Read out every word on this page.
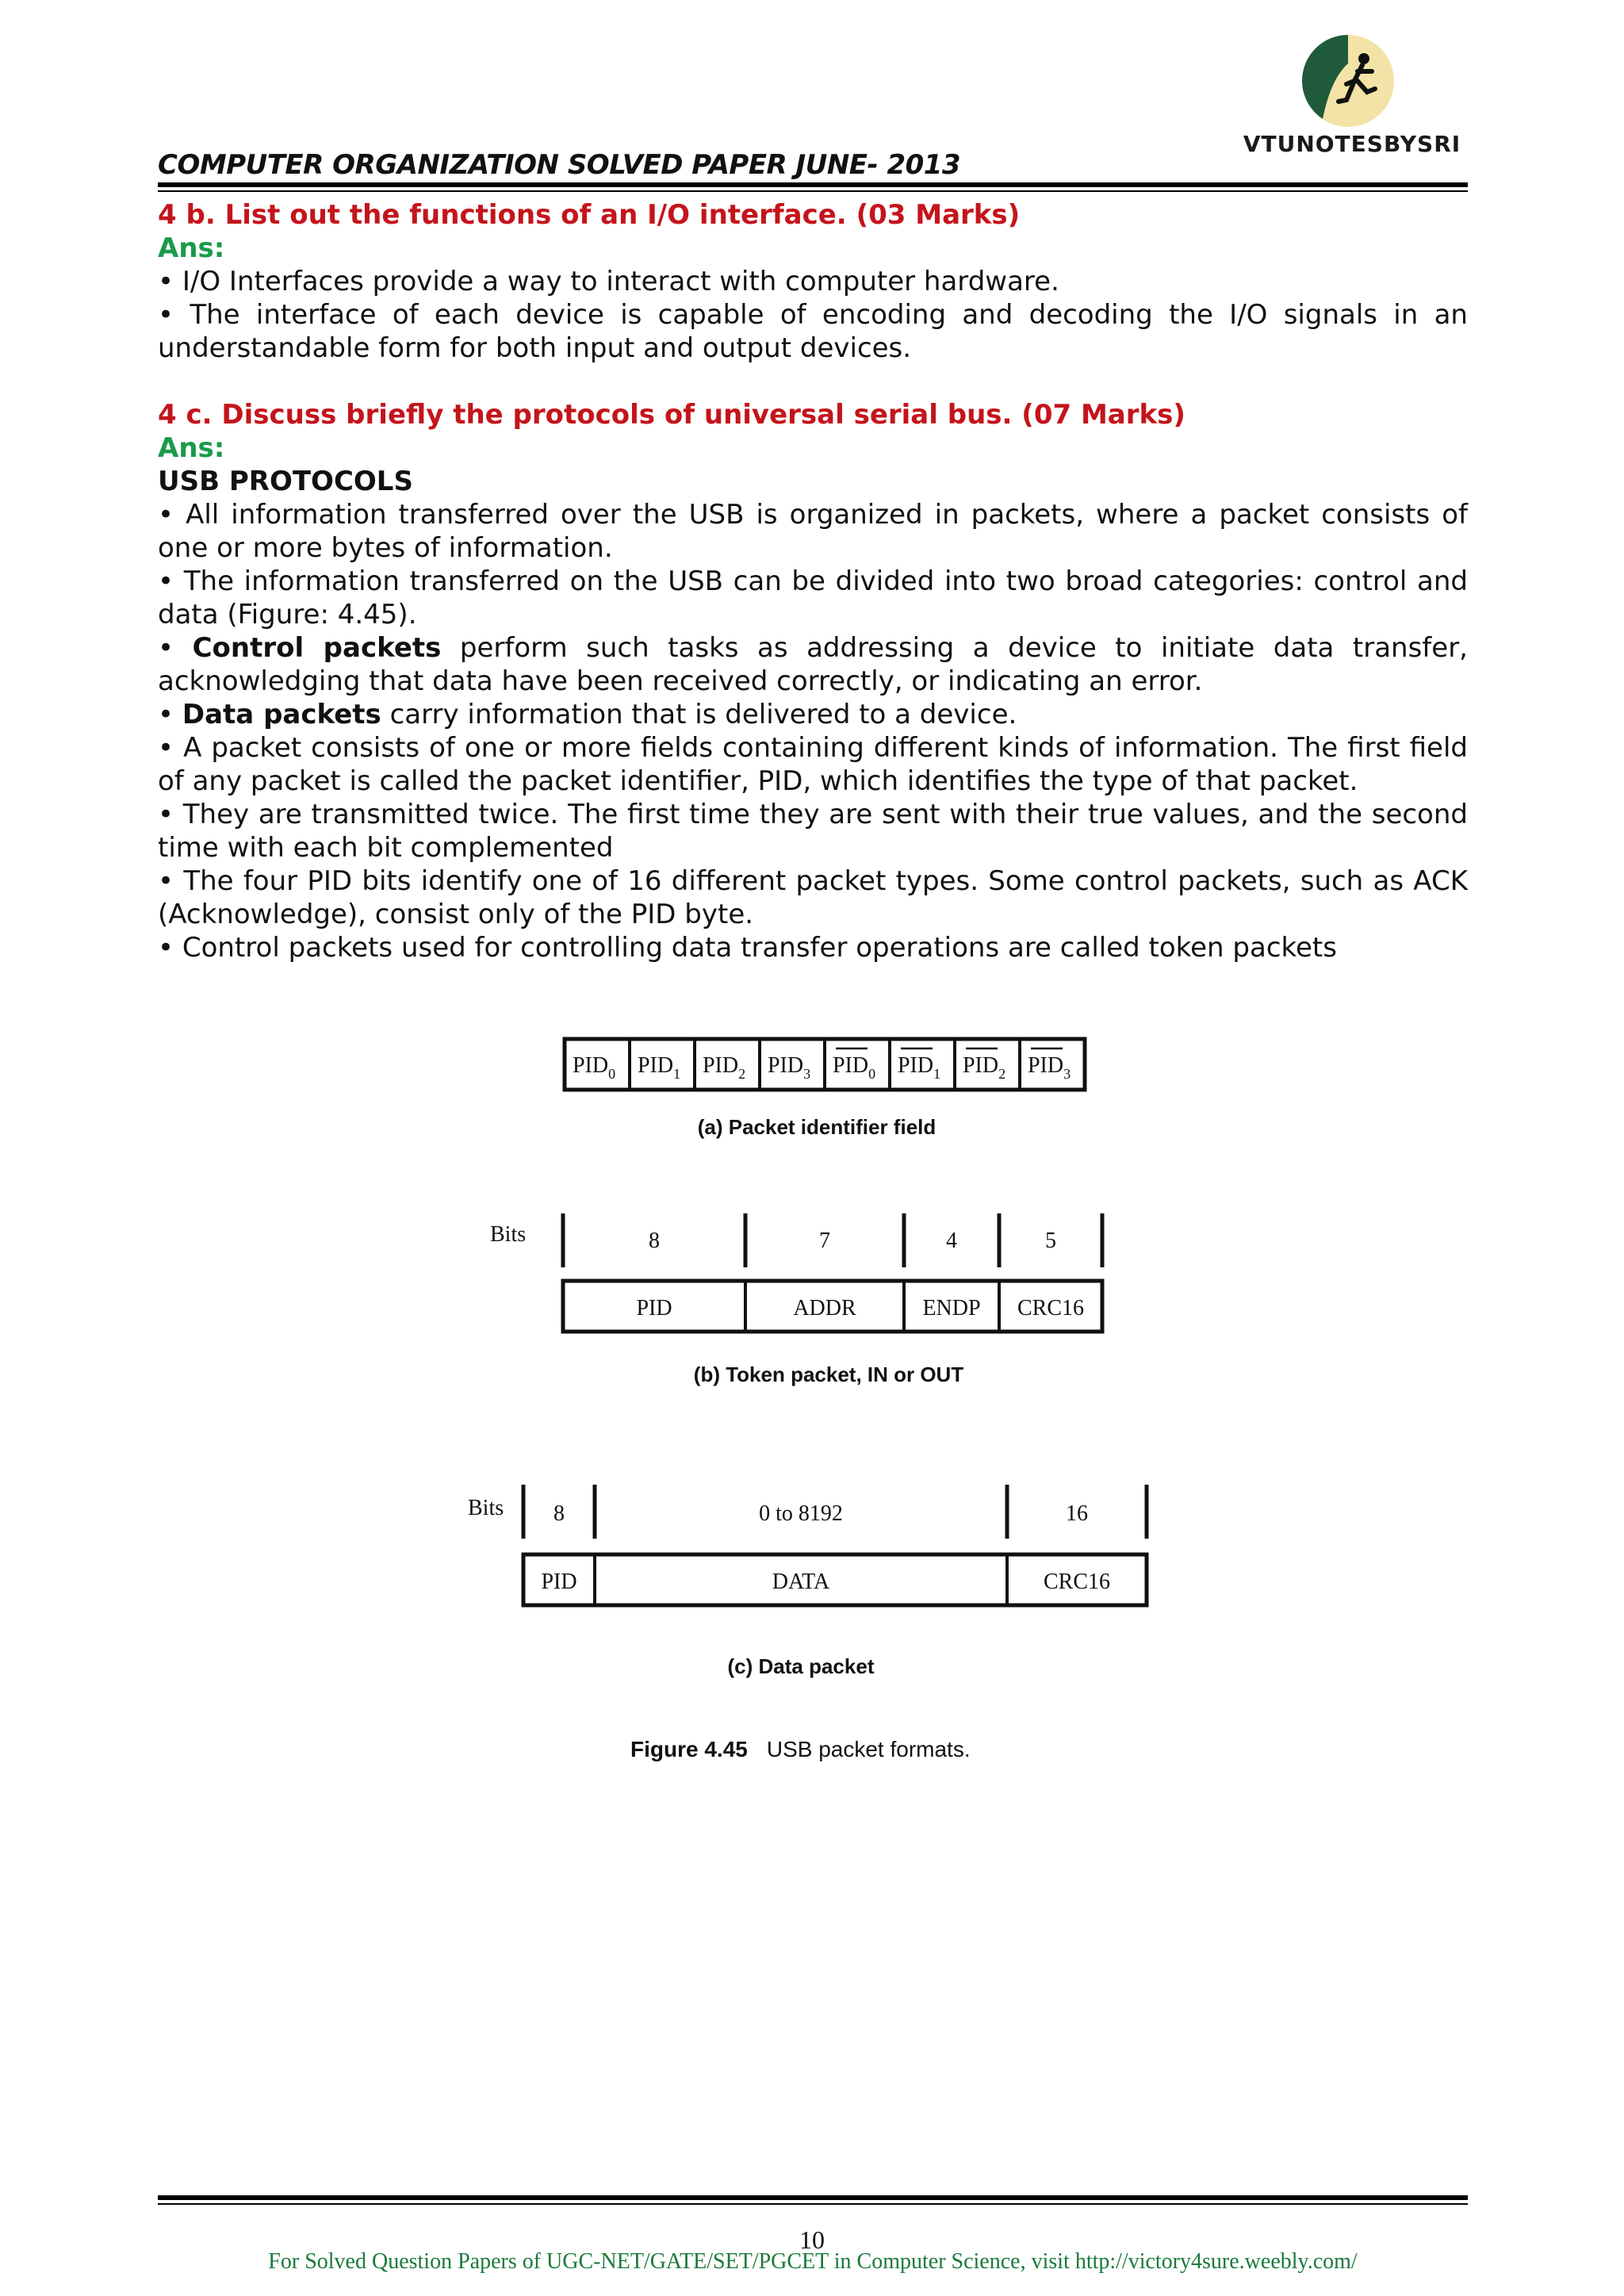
VTUNOTESBYSRI
COMPUTER ORGANIZATION SOLVED PAPER JUNE- 2013

4 b. List out the functions of an I/O interface. (03 Marks)

Ans:

• I/O Interfaces provide a way to interact with computer hardware.

• The interface of each device is capable of encoding and decoding the I/O signals in an understandable form for both input and output devices.

4 c. Discuss briefly the protocols of universal serial bus. (07 Marks)

Ans:

USB PROTOCOLS

• All information transferred over the USB is organized in packets, where a packet consists of one or more bytes of information.

• The information transferred on the USB can be divided into two broad categories: control and data (Figure: 4.45).

• Control packets perform such tasks as addressing a device to initiate data transfer, acknowledging that data have been received correctly, or indicating an error.

• Data packets carry information that is delivered to a device.

• A packet consists of one or more fields containing different kinds of information. The first field of any packet is called the packet identifier, PID, which identifies the type of that packet.

• They are transmitted twice. The first time they are sent with their true values, and the second time with each bit complemented

• The four PID bits identify one of 16 different packet types. Some control packets, such as ACK (Acknowledge), consist only of the PID byte.

• Control packets used for controlling data transfer operations are called token packets

$PID_0$ $PID_1$ $PID_2$ $PID_3$ $PID_0$ $PID_1$ $PID_2$ $PID_3$
(a) Packet identifier field
Bits	8	7	4	5
PID	ADDR	ENDP CRC16
(b) Token packet, IN or OUT
Bits 8	0 to 8192	16
PID	DATA	CRC16
(c) Data packet
Figure 4.45 USB packet formats.
10
For Solved Question Papers of UGC-NET/GATE/SET/PGCET in Computer Science, visit http://victory4sure.weebly.com/
